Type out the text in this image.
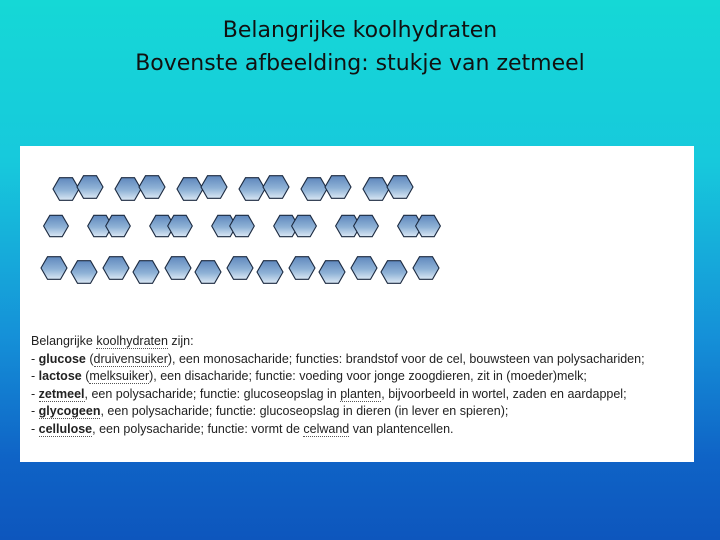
Belangrijke koolhydraten
Bovenste afbeelding: stukje van zetmeel
Belangrijke koolhydraten zijn:
- glucose (druivensuiker), een monosacharide; functies: brandstof voor de cel, bouwsteen van polysachariden;
- lactose (melksuiker), een disacharide; functie: voeding voor jonge zoogdieren, zit in (moeder)melk;
- zetmeel, een polysacharide; functie: glucoseopslag in planten, bijvoorbeeld in wortel, zaden en aardappel;
- glycogeen, een polysacharide; functie: glucoseopslag in dieren (in lever en spieren);
- cellulose, een polysacharide; functie: vormt de celwand van plantencellen.
